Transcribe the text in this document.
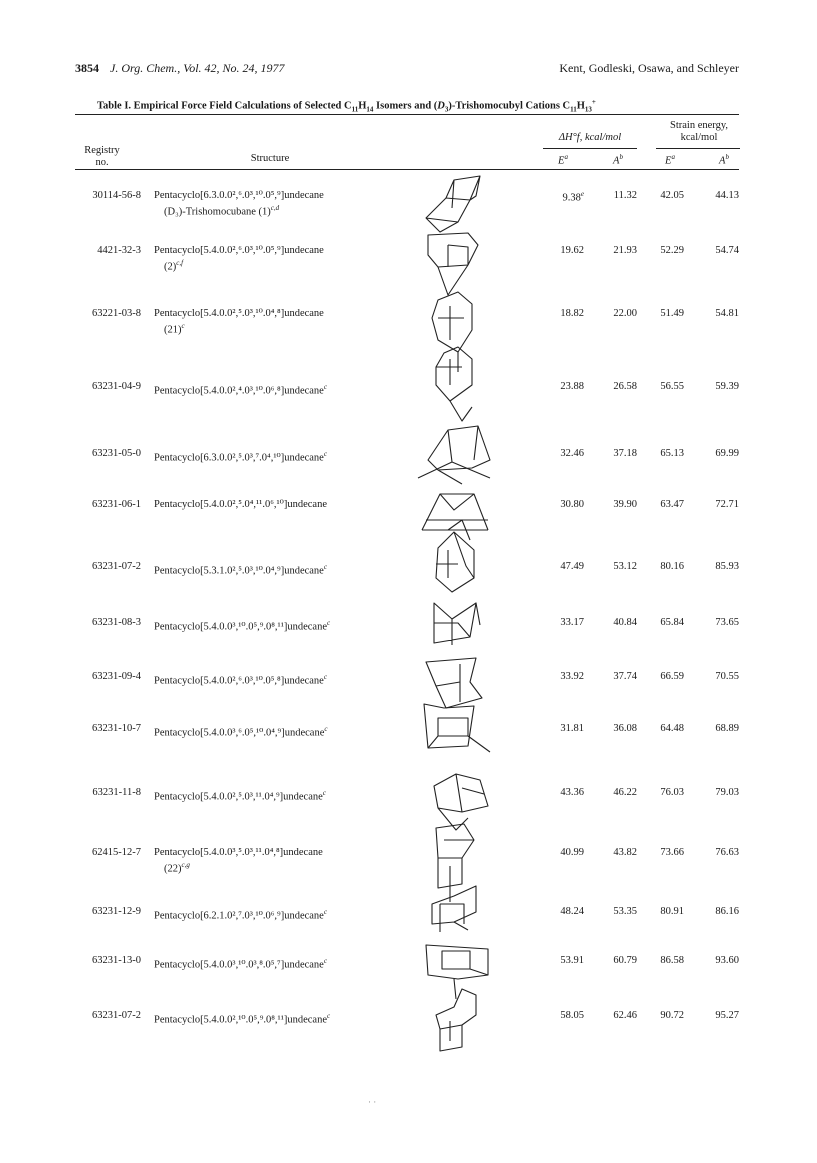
3854 J. Org. Chem., Vol. 42, No. 24, 1977	Kent, Godleski, Osawa, and Schleyer
Table I. Empirical Force Field Calculations of Selected $C_{11}H_{14}$ Isomers and $(D_3)$-Trishomocubyl Cations $C_{11}H_{13}^+$
Registry
no.	Structure
ΔH°f, kcal/mol
Strain energy,
kcal/mol
$E^a$	$A^b$	$E^a$	$A^b$
30114-56-8 Pentacyclo[6.3.0.0²,⁶.0³,¹⁰.0⁵,⁹]undecane
(D₃)-Trishomocubane $(1)^{c,d}$
9.38e	11.32	42.05	44.13
4421-32-3 Pentacyclo[5.4.0.0²,⁶.0³,¹⁰.0⁵,⁹]undecane
$(2)^{c,f}$
19.62	21.93	52.29	54.74
63221-03-8 Pentacyclo[5.4.0.0²,⁵.0³,¹⁰.0⁴,⁸]undecane
$(21)^c$
18.82	22.00	51.49	54.81
63231-04-9 Pentacyclo[5.4.0.0²,⁴.0³,¹⁰.0⁶,⁸]undecane$^c$	23.88	26.58	56.55	59.39
63231-05-0 Pentacyclo[6.3.0.0²,⁵.0³,⁷.0⁴,¹⁰]undecane$^c$	32.46	37.18	65.13	69.99
63231-06-1 Pentacyclo[5.4.0.0²,⁵.0⁴,¹¹.0⁶,¹⁰]undecane	30.80	39.90	63.47	72.71
63231-07-2 Pentacyclo[5.3.1.0²,⁵.0³,¹⁰.0⁴,⁹]undecane$^c$	47.49	53.12	80.16	85.93
63231-08-3 Pentacyclo[5.4.0.0³,¹⁰.0⁵,⁹.0⁸,¹¹]undecane$^c$	33.17	40.84	65.84	73.65
63231-09-4 Pentacyclo[5.4.0.0²,⁶.0³,¹⁰.0⁵,⁸]undecane$^c$	33.92	37.74	66.59	70.55
63231-10-7 Pentacyclo[5.4.0.0³,⁶.0⁵,¹⁰.0⁴,⁹]undecane$^c$	31.81	36.08	64.48	68.89
63231-11-8 Pentacyclo[5.4.0.0²,⁵.0³,¹¹.0⁴,⁹]undecane$^c$	43.36	46.22	76.03	79.03
62415-12-7 Pentacyclo[5.4.0.0³,⁵.0³,¹¹.0⁴,⁸]undecane
$(22)^{c,g}$
40.99	43.82	73.66	76.63
63231-12-9 Pentacyclo[6.2.1.0²,⁷.0³,¹⁰.0⁶,⁹]undecane$^c$	48.24	53.35	80.91	86.16
63231-13-0 Pentacyclo[5.4.0.0³,¹⁰.0³,⁸.0⁵,⁷]undecane$^c$	53.91	60.79	86.58	93.60
63231-07-2 Pentacyclo[5.4.0.0²,¹⁰.0⁵,⁹.0⁸,¹¹]undecane$^c$	58.05	62.46	90.72	95.27
· ·
